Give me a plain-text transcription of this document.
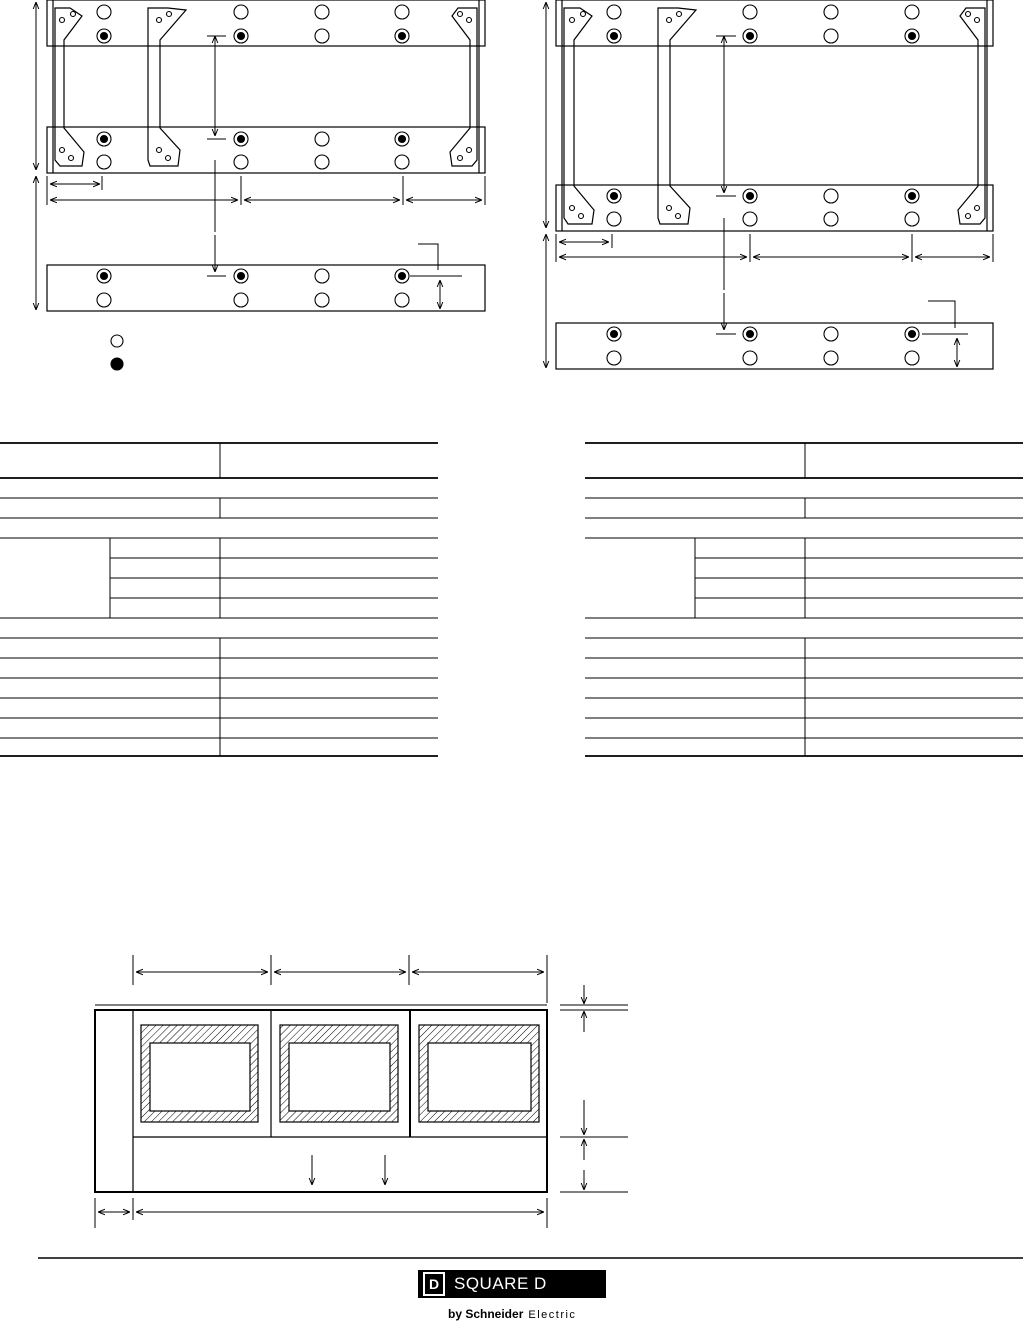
D SQUARE D
by Schneider Electric
